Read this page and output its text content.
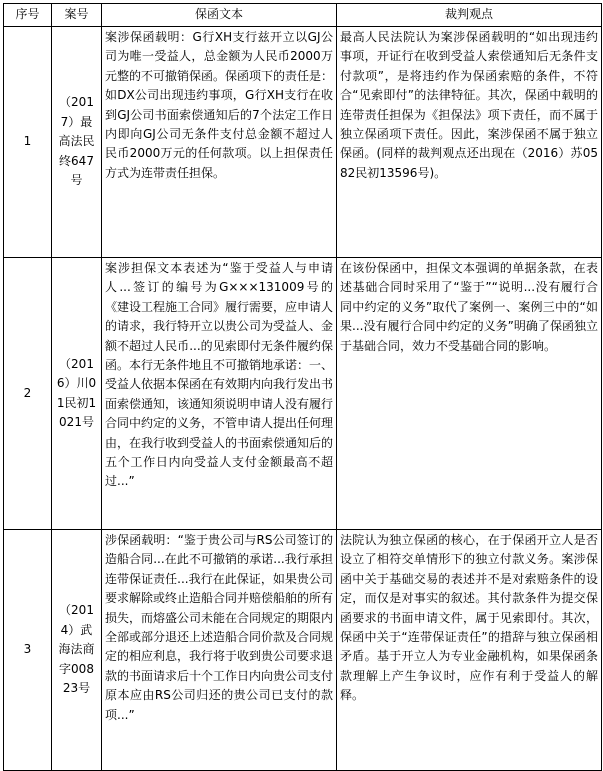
序号	案号	保函文本	裁判观点
1	（2017）最高法民终647号	案涉保函载明：G行XH支行兹开立以GJ公司为唯一受益人，总金额为人民币2000万元整的不可撤销保函。保函项下的责任是：如DX公司出现违约事项，G行XH支行在收到GJ公司书面索偿通知后的7个法定工作日内即向GJ公司无条件支付总金额不超过人民币2000万元的任何款项。以上担保责任方式为连带责任担保。	最高人民法院认为案涉保函载明的“如出现违约事项，开证行在收到受益人索偿通知后无条件支付款项”，是将违约作为保函索赔的条件，不符合“见索即付”的法律特征。其次，保函中载明的连带责任担保为《担保法》项下责任，而不属于独立保函项下责任。因此，案涉保函不属于独立保函。(同样的裁判观点还出现在（2016）苏0582民初13596号)。
2	（2016）川01民初1021号	案涉担保文本表述为“鉴于受益人与申请人...签订的编号为G×××131009号的《建设工程施工合同》履行需要，应申请人的请求，我行特开立以贵公司为受益人、金额不超过人民币...的见索即付无条件履约保函。本行无条件地且不可撤销地承诺：一、受益人依据本保函在有效期内向我行发出书面索偿通知，该通知须说明申请人没有履行合同中约定的义务，不管申请人提出任何理由，在我行收到受益人的书面索偿通知后的五个工作日内向受益人支付金额最高不超过...”	在该份保函中，担保文本强调的单据条款，在表述基础合同时采用了“鉴于”“说明...没有履行合同中约定的义务”取代了案例一、案例三中的“如果...没有履行合同中约定的义务”明确了保函独立于基础合同，效力不受基础合同的影响。
3	（2014）武海法商字00823号	涉保函载明：“鉴于贵公司与RS公司签订的造船合同...在此不可撤销的承诺...我行承担连带保证责任...我行在此保证，如果贵公司要求解除或终止造船合同并赔偿船舶的所有损失，而熔盛公司未能在合同规定的期限内全部或部分退还上述造船合同价款及合同规定的相应利息，我行将于收到贵公司要求退款的书面请求后十个工作日内向贵公司支付原本应由RS公司归还的贵公司已支付的款项...”	法院认为独立保函的核心，在于保函开立人是否设立了相符交单情形下的独立付款义务。案涉保函中关于基础交易的表述并不是对索赔条件的设定，而仅是对事实的叙述。其付款条件为提交保函要求的书面申请文件，属于见索即付。其次，保函中关于“连带保证责任”的措辞与独立保函相矛盾。基于开立人为专业金融机构，如果保函条款理解上产生争议时，应作有利于受益人的解释。
